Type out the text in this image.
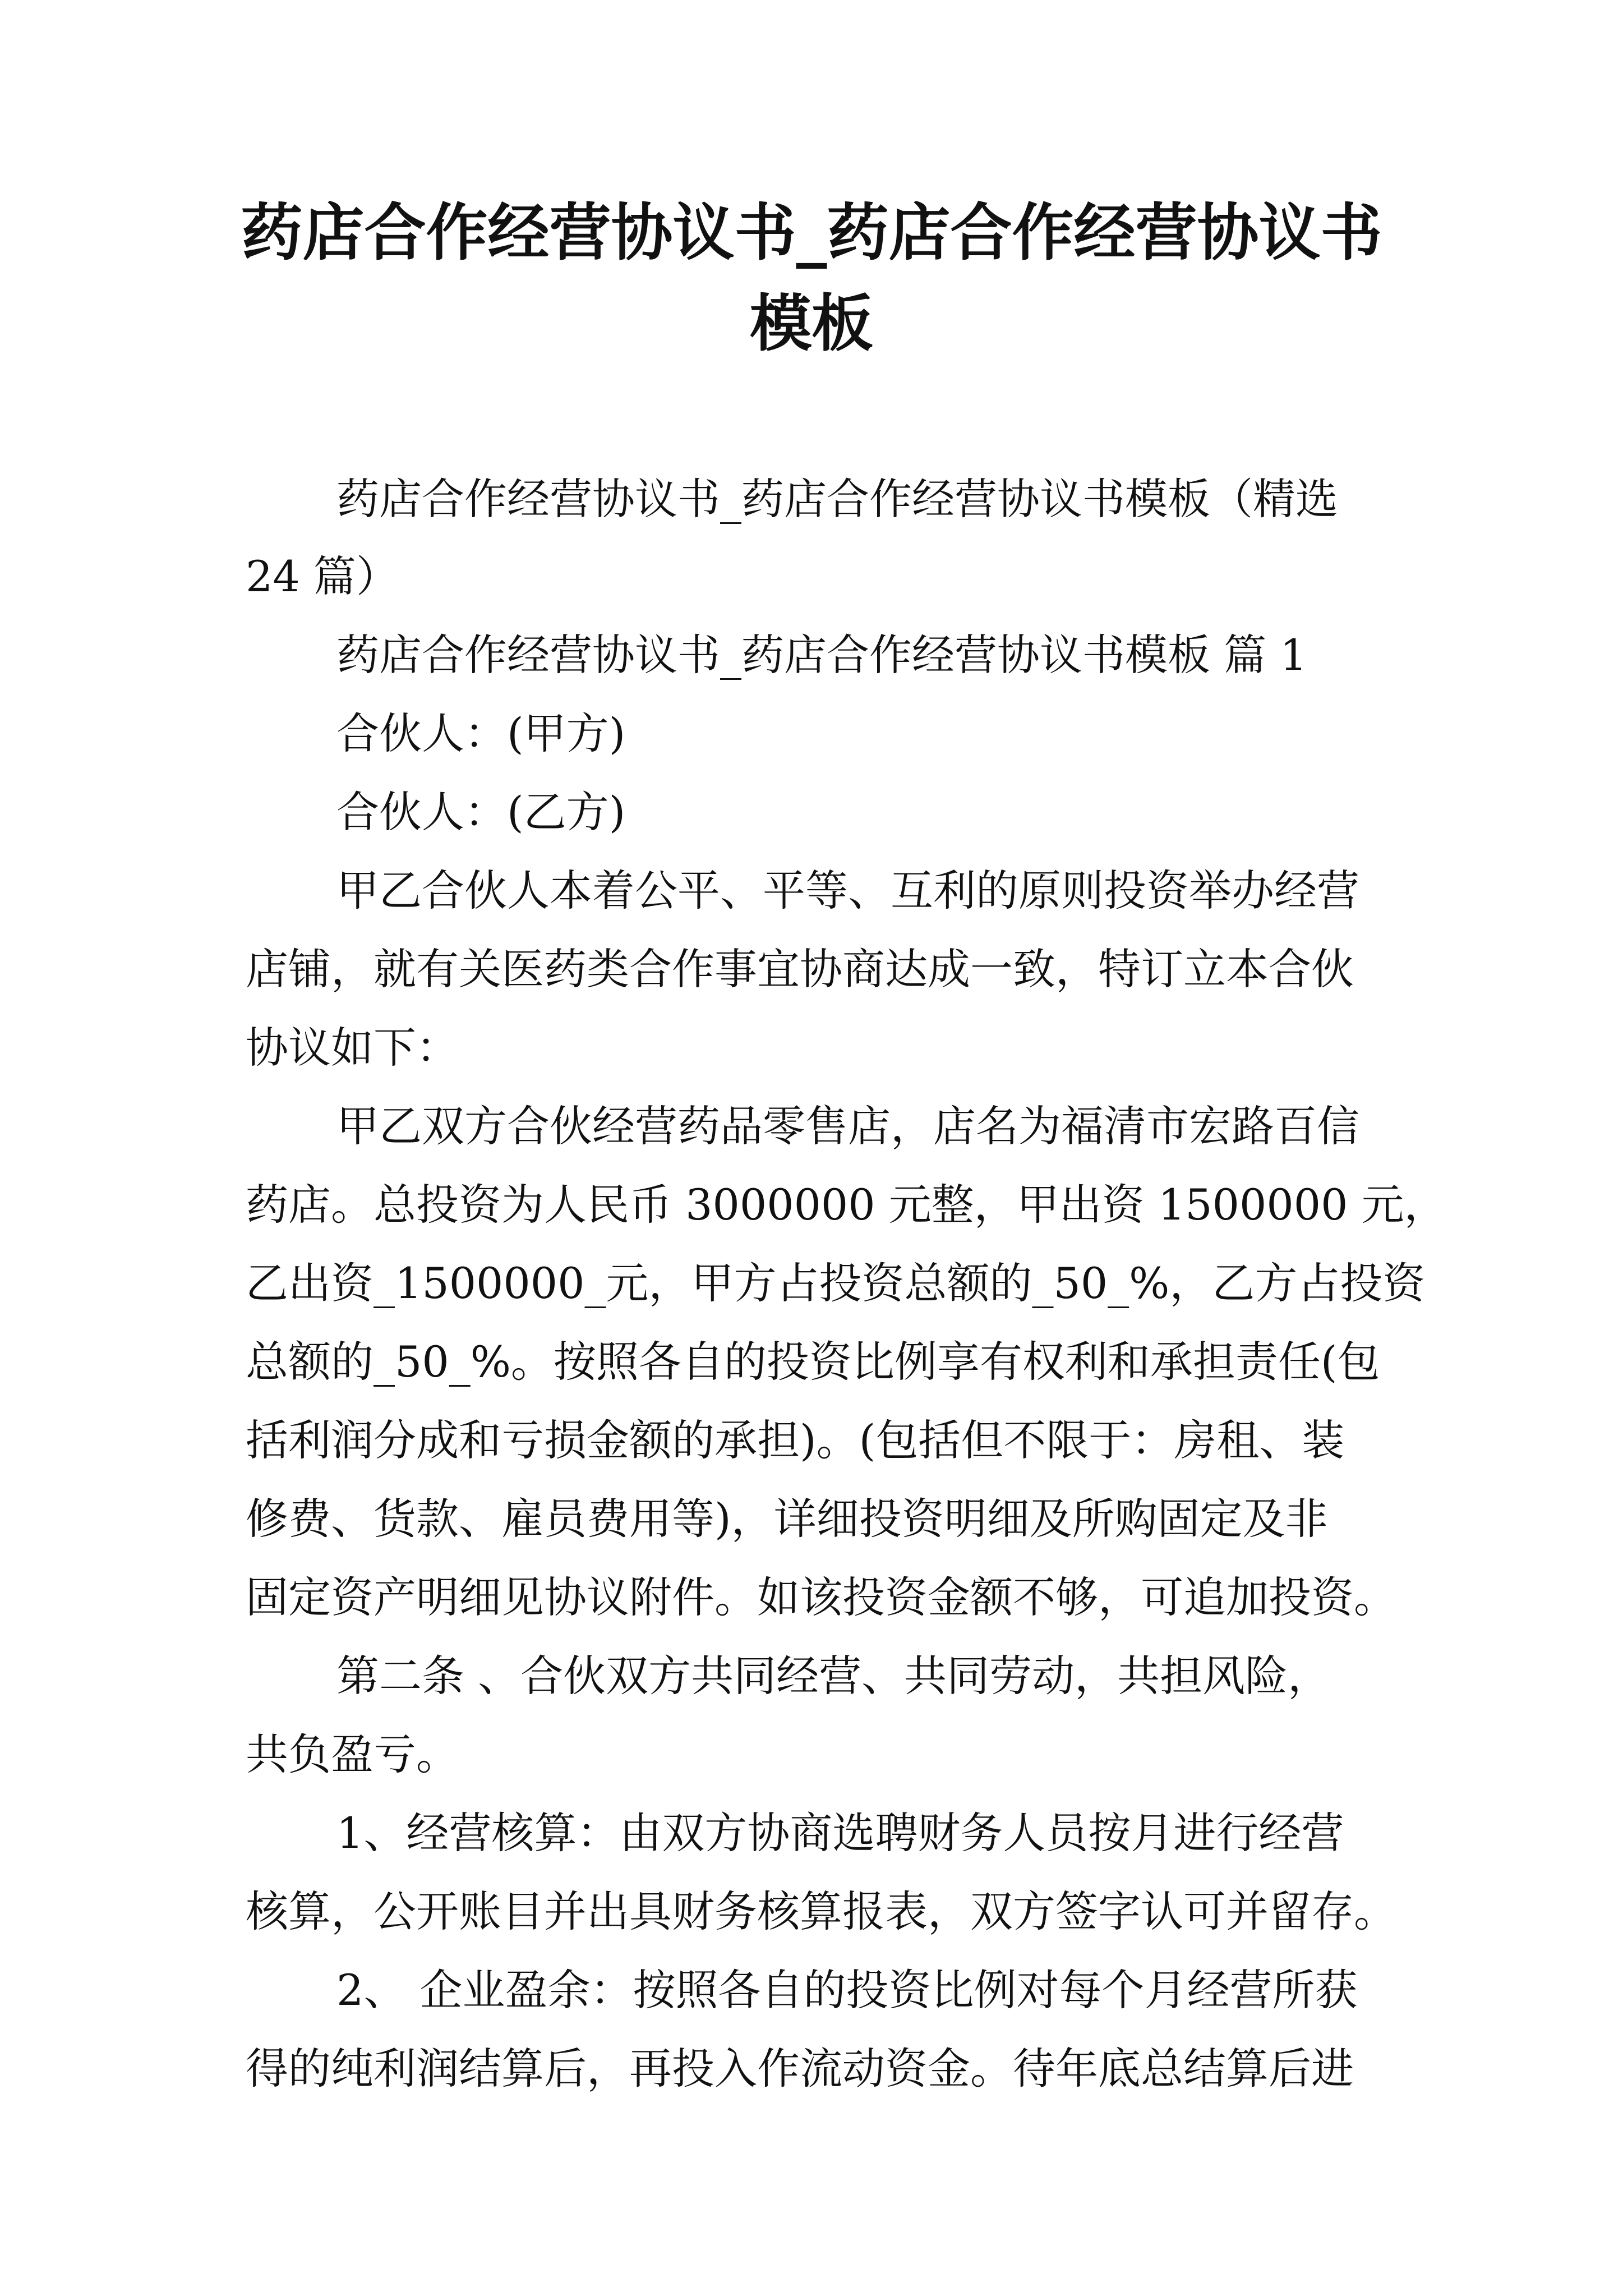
药店合作经营协议书_药店合作经营协议书
模板
药店合作经营协议书_药店合作经营协议书模板（精选
24 篇）
药店合作经营协议书_药店合作经营协议书模板 篇 1
合伙人：(甲方)
合伙人：(乙方)
甲乙合伙人本着公平、平等、互利的原则投资举办经营
店铺，就有关医药类合作事宜协商达成一致，特订立本合伙
协议如下：
甲乙双方合伙经营药品零售店，店名为福清市宏路百信
药店。总投资为人民币 3000000 元整，甲出资 1500000 元，
乙出资_1500000_元，甲方占投资总额的_50_%，乙方占投资
总额的_50_%。按照各自的投资比例享有权利和承担责任(包
括利润分成和亏损金额的承担)。(包括但不限于：房租、装
修费、货款、雇员费用等)，详细投资明细及所购固定及非
固定资产明细见协议附件。如该投资金额不够，可追加投资。
第二条 、合伙双方共同经营、共同劳动，共担风险，
共负盈亏。
1、经营核算：由双方协商选聘财务人员按月进行经营
核算，公开账目并出具财务核算报表，双方签字认可并留存。
2、 企业盈余：按照各自的投资比例对每个月经营所获
得的纯利润结算后，再投入作流动资金。待年底总结算后进
